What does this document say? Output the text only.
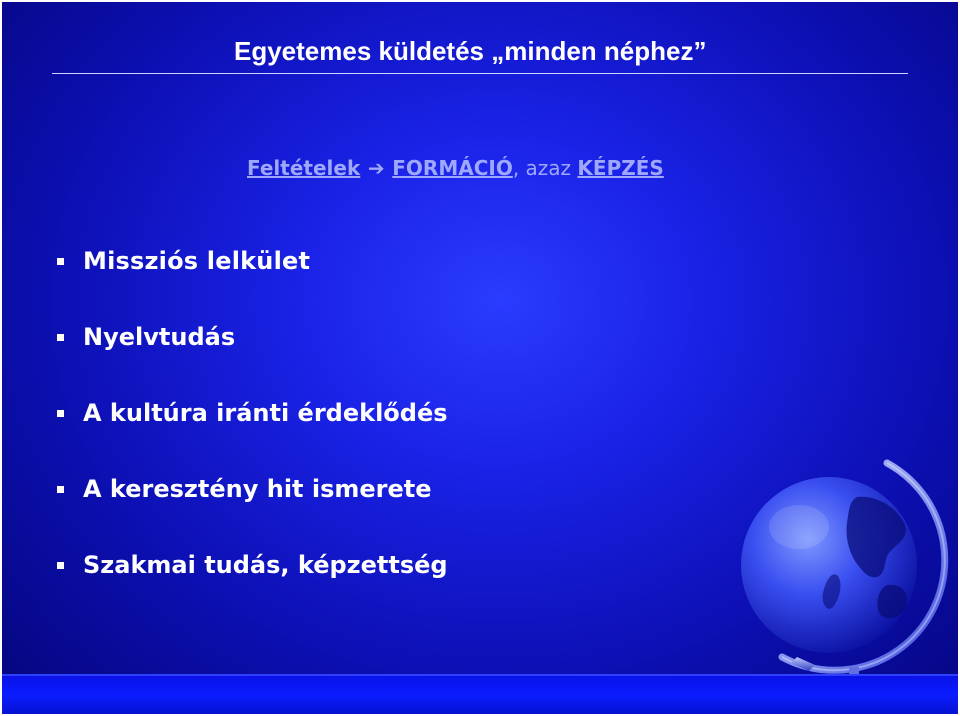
Egyetemes küldetés „minden néphez”
Feltételek ➔ FORMÁCIÓ, azaz KÉPZÉS
Missziós lelkület
Nyelvtudás
A kultúra iránti érdeklődés
A keresztény hit ismerete
Szakmai tudás, képzettség
